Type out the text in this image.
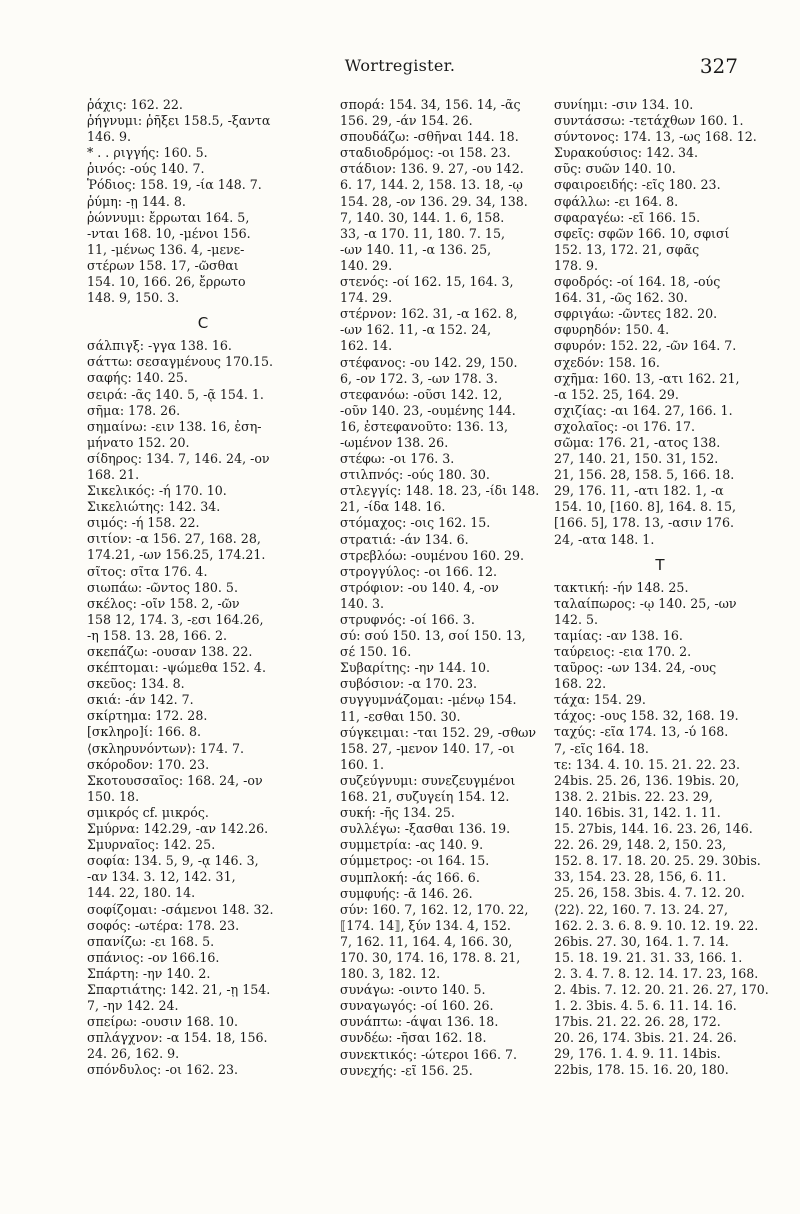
Wortregister.	327
ῥάχις: 162. 22.
ῥήγνυμι: ῥῆξει 158.5, -ξαντα
146. 9.
* . . ριγγής: 160. 5.
ῥινός: -ούς 140. 7.
Ῥόδιος: 158. 19, -ία 148. 7.
ῥύμη: -ῃ 144. 8.
ῥώννυμι: ἔρρωται 164. 5,
-νται 168. 10, -μένοι 156.
11, -μένως 136. 4, -μενε-
στέρων 158. 17, -ῶσθαι
154. 10, 166. 26, ἔρρωτο
148. 9, 150. 3.
C
σάλπιγξ: -γγα 138. 16.
σάττω: σεσαγμένους 170.15.
σαφής: 140. 25.
σειρά: -ᾶς 140. 5, -ᾷ 154. 1.
σῆμα: 178. 26.
σημαίνω: -ειν 138. 16, ἐση-
μήνατο 152. 20.
σίδηρος: 134. 7, 146. 24, -ον
168. 21.
Σικελικός: -ή 170. 10.
Σικελιώτης: 142. 34.
σιμός: -ή 158. 22.
σιτίον: -α 156. 27, 168. 28,
174.21, -ων 156.25, 174.21.
σῖτος: σῖτα 176. 4.
σιωπάω: -ῶντος 180. 5.
σκέλος: -οῖν 158. 2, -ῶν
158 12, 174. 3, -εσι 164.26,
-η 158. 13. 28, 166. 2.
σκεπάζω: -ουσαν 138. 22.
σκέπτομαι: -ψώμεθα 152. 4.
σκεῦος: 134. 8.
σκιά: -άν 142. 7.
σκίρτημα: 172. 28.
[σκληρο]ί: 166. 8.
⟨σκληρυνόντων⟩: 174. 7.
σκόροδον: 170. 23.
Σκοτουσσαῖος: 168. 24, -ον
150. 18.
σμικρός cf. μικρός.
Σμύρνα: 142.29, -αν 142.26.
Σμυρναῖος: 142. 25.
σοφία: 134. 5, 9, -ᾳ 146. 3,
-αν 134. 3. 12, 142. 31,
144. 22, 180. 14.
σοφίζομαι: -σάμενοι 148. 32.
σοφός: -ωτέρα: 178. 23.
σπανίζω: -ει 168. 5.
σπάνιος: -ον 166.16.
Σπάρτη: -ην 140. 2.
Σπαρτιάτης: 142. 21, -ῃ 154.
7, -ην 142. 24.
σπείρω: -ουσιν 168. 10.
σπλάγχνον: -α 154. 18, 156.
24. 26, 162. 9.
σπόνδυλος: -οι 162. 23.
σπορά: 154. 34, 156. 14, -ᾶς
156. 29, -άν 154. 26.
σπουδάζω: -σθῆναι 144. 18.
σταδιοδρόμος: -οι 158. 23.
στάδιον: 136. 9. 27, -ου 142.
6. 17, 144. 2, 158. 13. 18, -ῳ
154. 28, -ον 136. 29. 34, 138.
7, 140. 30, 144. 1. 6, 158.
33, -α 170. 11, 180. 7. 15,
-ων 140. 11, -α 136. 25,
140. 29.
στενός: -οί 162. 15, 164. 3,
174. 29.
στέρνον: 162. 31, -α 162. 8,
-ων 162. 11, -α 152. 24,
162. 14.
στέφανος: -ου 142. 29, 150.
6, -ον 172. 3, -ων 178. 3.
στεφανόω: -οῦσι 142. 12,
-οῦν 140. 23, -ουμένης 144.
16, ἐστεφανοῦτο: 136. 13,
-ωμένον 138. 26.
στέφω: -οι 176. 3.
στιλπνός: -ούς 180. 30.
στλεγγίς: 148. 18. 23, -ίδι 148.
21, -ίδα 148. 16.
στόμαχος: -οις 162. 15.
στρατιά: -άν 134. 6.
στρεβλόω: -ουμένου 160. 29.
στρογγύλος: -οι 166. 12.
στρόφιον: -ου 140. 4, -ον
140. 3.
στρυφνός: -οί 166. 3.
σύ: σού 150. 13, σοί 150. 13,
σέ 150. 16.
Συβαρίτης: -ην 144. 10.
συβόσιον: -α 170. 23.
συγγυμνάζομαι: -μένῳ 154.
11, -εσθαι 150. 30.
σύγκειμαι: -ται 152. 29, -σθων
158. 27, -μενον 140. 17, -οι
160. 1.
συζεύγνυμι: συνεζευγμένοι
168. 21, συζυγείη 154. 12.
συκή: -ῆς 134. 25.
συλλέγω: -ξασθαι 136. 19.
συμμετρία: -ας 140. 9.
σύμμετρος: -οι 164. 15.
συμπλοκή: -άς 166. 6.
συμφυής: -ᾶ 146. 26.
σύν: 160. 7, 162. 12, 170. 22,
⟦174. 14⟧, ξύν 134. 4, 152.
7, 162. 11, 164. 4, 166. 30,
170. 30, 174. 16, 178. 8. 21,
180. 3, 182. 12.
συνάγω: -οιντο 140. 5.
συναγωγός: -οί 160. 26.
συνάπτω: -άψαι 136. 18.
συνδέω: -ῆσαι 162. 18.
συνεκτικός: -ώτεροι 166. 7.
συνεχής: -εῖ 156. 25.
συνίημι: -σιν 134. 10.
συντάσσω: -τετάχθων 160. 1.
σύντονος: 174. 13, -ως 168. 12.
Συρακούσιος: 142. 34.
σῦς: συῶν 140. 10.
σφαιροειδής: -εῖς 180. 23.
σφάλλω: -ει 164. 8.
σφαραγέω: -εῖ 166. 15.
σφεῖς: σφῶν 166. 10, σφισί
152. 13, 172. 21, σφᾶς
178. 9.
σφοδρός: -οί 164. 18, -ούς
164. 31, -ῶς 162. 30.
σφριγάω: -ῶντες 182. 20.
σφυρηδόν: 150. 4.
σφυρόν: 152. 22, -ῶν 164. 7.
σχεδόν: 158. 16.
σχῆμα: 160. 13, -ατι 162. 21,
-α 152. 25, 164. 29.
σχιζίας: -αι 164. 27, 166. 1.
σχολαῖος: -οι 176. 17.
σῶμα: 176. 21, -ατος 138.
27, 140. 21, 150. 31, 152.
21, 156. 28, 158. 5, 166. 18.
29, 176. 11, -ατι 182. 1, -α
154. 10, [160. 8], 164. 8. 15,
[166. 5], 178. 13, -ασιν 176.
24, -ατα 148. 1.
T
τακτική: -ήν 148. 25.
ταλαίπωρος: -ῳ 140. 25, -ων
142. 5.
ταμίας: -αν 138. 16.
ταύρειος: -εια 170. 2.
ταῦρος: -ων 134. 24, -ους
168. 22.
τάχα: 154. 29.
τάχος: -ους 158. 32, 168. 19.
ταχύς: -εῖα 174. 13, -ύ 168.
7, -εῖς 164. 18.
τε: 134. 4. 10. 15. 21. 22. 23.
24bis. 25. 26, 136. 19bis. 20,
138. 2. 21bis. 22. 23. 29,
140. 16bis. 31, 142. 1. 11.
15. 27bis, 144. 16. 23. 26, 146.
22. 26. 29, 148. 2, 150. 23,
152. 8. 17. 18. 20. 25. 29. 30bis.
33, 154. 23. 28, 156, 6. 11.
25. 26, 158. 3bis. 4. 7. 12. 20.
⟨22⟩. 22, 160. 7. 13. 24. 27,
162. 2. 3. 6. 8. 9. 10. 12. 19. 22.
26bis. 27. 30, 164. 1. 7. 14.
15. 18. 19. 21. 31. 33, 166. 1.
2. 3. 4. 7. 8. 12. 14. 17. 23, 168.
2. 4bis. 7. 12. 20. 21. 26. 27, 170.
1. 2. 3bis. 4. 5. 6. 11. 14. 16.
17bis. 21. 22. 26. 28, 172.
20. 26, 174. 3bis. 21. 24. 26.
29, 176. 1. 4. 9. 11. 14bis.
22bis, 178. 15. 16. 20, 180.
